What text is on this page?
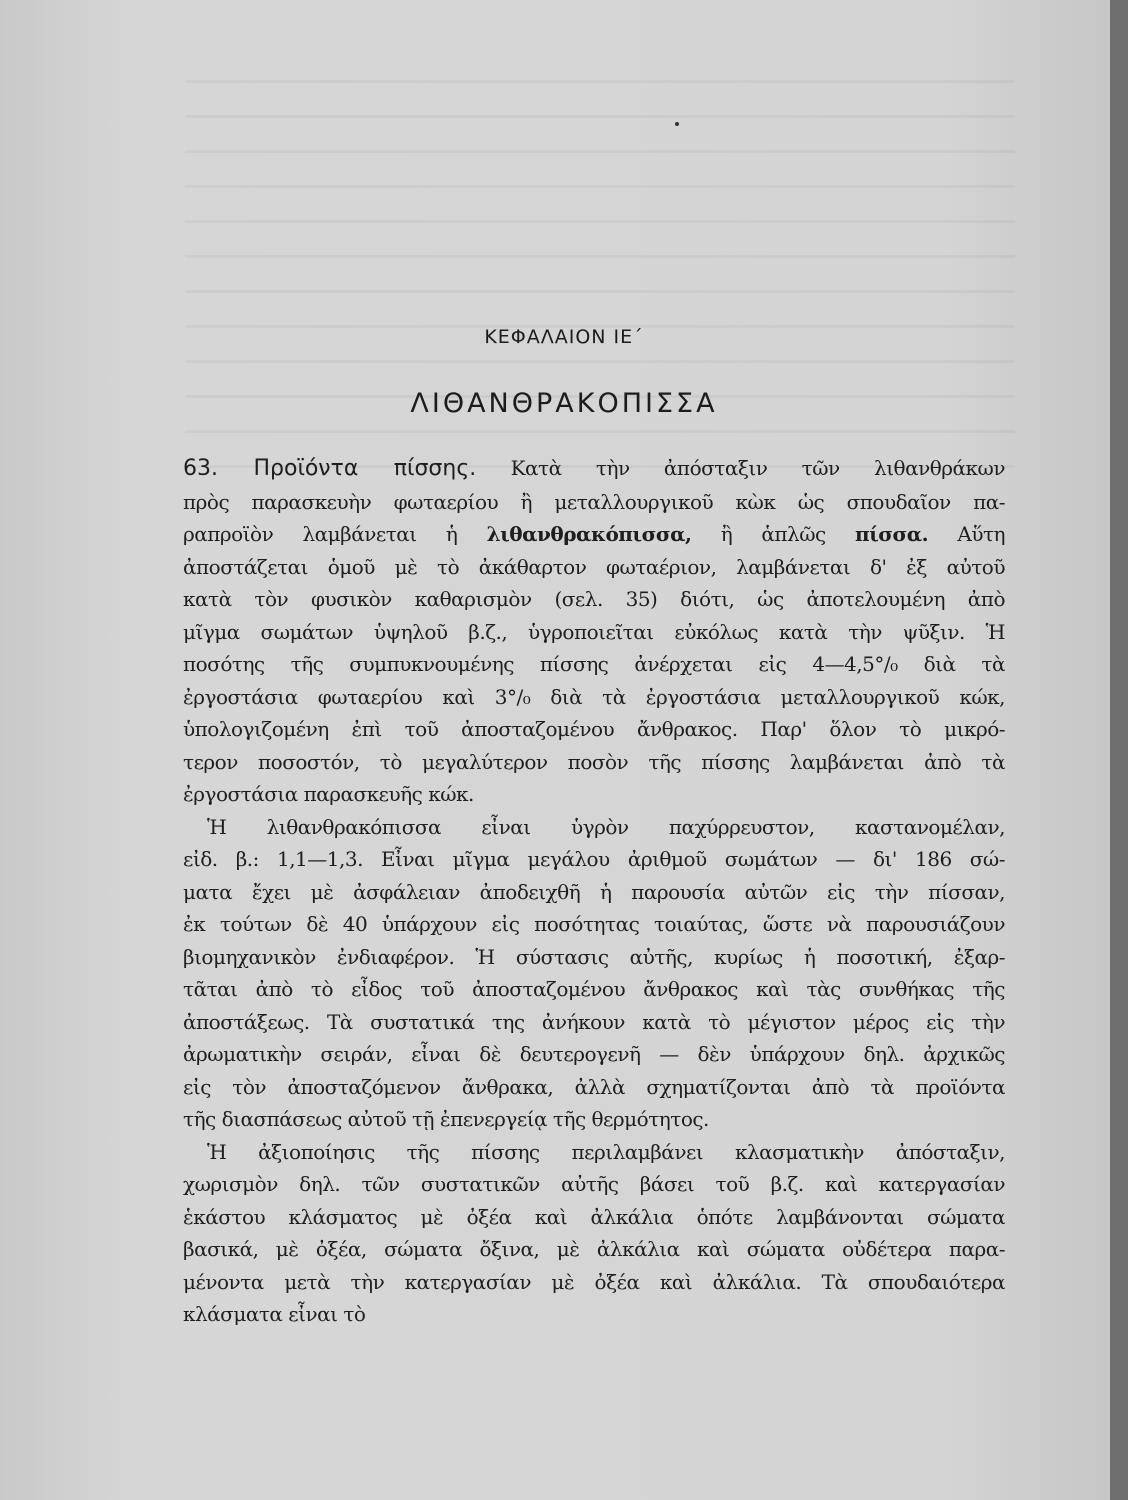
ΚΕΦΑΛΑΙΟΝ ΙΕ΄
ΛΙΘΑΝΘΡΑΚΟΠΙΣΣΑ
63. Προϊόντα πίσσης. Κατὰ τὴν ἀπόσταξιν τῶν λιθανθράκων
πρὸς παρασκευὴν φωταερίου ἢ μεταλλουργικοῦ κὼκ ὡς σπουδαῖον πα-
ραπροϊὸν λαμβάνεται ἡ λιθανθρακόπισσα, ἢ ἁπλῶς πίσσα. Αὕτη
ἀποστάζεται ὁμοῦ μὲ τὸ ἀκάθαρτον φωταέριον, λαμβάνεται δ' ἐξ αὐτοῦ
κατὰ τὸν φυσικὸν καθαρισμὸν (σελ. 35) διότι, ὡς ἀποτελουμένη ἀπὸ
μῖγμα σωμάτων ὑψηλοῦ β.ζ., ὑγροποιεῖται εὐκόλως κατὰ τὴν ψῦξιν. Ἡ
ποσότης τῆς συμπυκνουμένης πίσσης ἀνέρχεται εἰς 4—4,5°/₀ διὰ τὰ
ἐργοστάσια φωταερίου καὶ 3°/₀ διὰ τὰ ἐργοστάσια μεταλλουργικοῦ κώκ,
ὑπολογιζομένη ἐπὶ τοῦ ἀποσταζομένου ἄνθρακος. Παρ' ὅλον τὸ μικρό-
τερον ποσοστόν, τὸ μεγαλύτερον ποσὸν τῆς πίσσης λαμβάνεται ἀπὸ τὰ
ἐργοστάσια παρασκευῆς κώκ.
Ἡ λιθανθρακόπισσα εἶναι ὑγρὸν παχύρρευστον, καστανομέλαν,
εἰδ. β.: 1,1—1,3. Εἶναι μῖγμα μεγάλου ἀριθμοῦ σωμάτων — δι' 186 σώ-
ματα ἔχει μὲ ἀσφάλειαν ἀποδειχθῆ ἡ παρουσία αὐτῶν εἰς τὴν πίσσαν,
ἐκ τούτων δὲ 40 ὑπάρχουν εἰς ποσότητας τοιαύτας, ὥστε νὰ παρουσιάζουν
βιομηχανικὸν ἐνδιαφέρον. Ἡ σύστασις αὐτῆς, κυρίως ἡ ποσοτική, ἐξαρ-
τᾶται ἀπὸ τὸ εἶδος τοῦ ἀποσταζομένου ἄνθρακος καὶ τὰς συνθήκας τῆς
ἀποστάξεως. Τὰ συστατικά της ἀνήκουν κατὰ τὸ μέγιστον μέρος εἰς τὴν
ἀρωματικὴν σειράν, εἶναι δὲ δευτερογενῆ — δὲν ὑπάρχουν δηλ. ἀρχικῶς
εἰς τὸν ἀποσταζόμενον ἄνθρακα, ἀλλὰ σχηματίζονται ἀπὸ τὰ προϊόντα
τῆς διασπάσεως αὐτοῦ τῇ ἐπενεργείᾳ τῆς θερμότητος.
Ἡ ἀξιοποίησις τῆς πίσσης περιλαμβάνει κλασματικὴν ἀπόσταξιν,
χωρισμὸν δηλ. τῶν συστατικῶν αὐτῆς βάσει τοῦ β.ζ. καὶ κατεργασίαν
ἑκάστου κλάσματος μὲ ὀξέα καὶ ἀλκάλια ὁπότε λαμβάνονται σώματα
βασικά, μὲ ὀξέα, σώματα ὄξινα, μὲ ἀλκάλια καὶ σώματα οὐδέτερα παρα-
μένοντα μετὰ τὴν κατεργασίαν μὲ ὀξέα καὶ ἀλκάλια. Τὰ σπουδαιότερα
κλάσματα εἶναι τὸ
